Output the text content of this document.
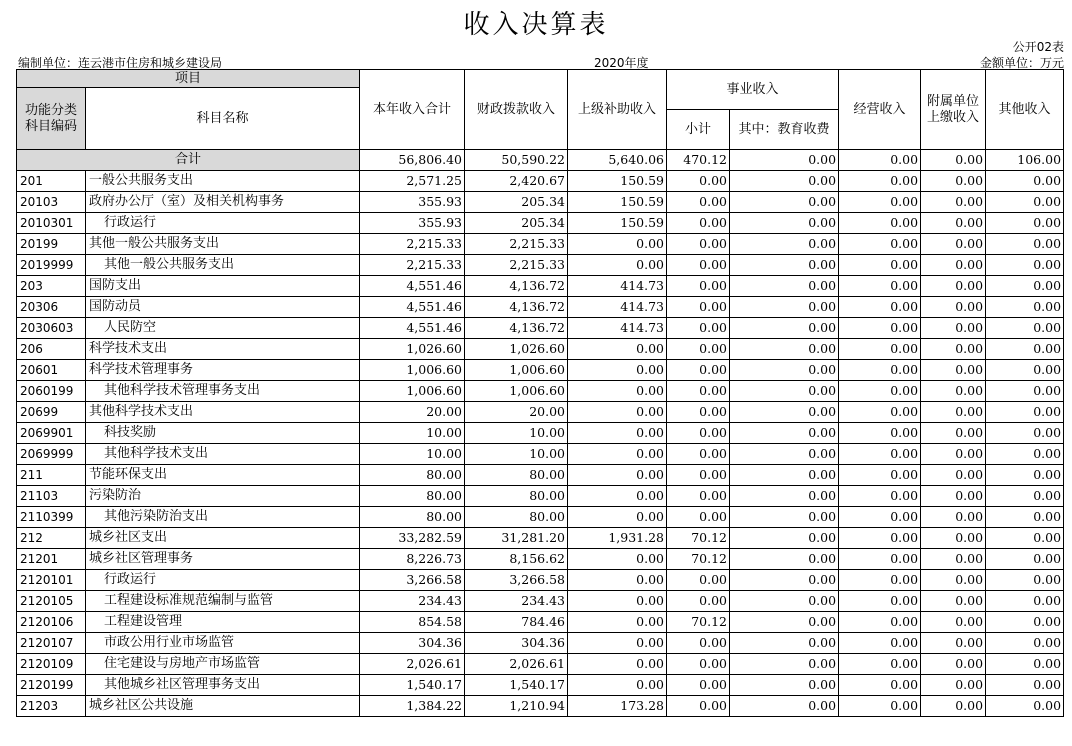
收入决算表
公开02表
编制单位：连云港市住房和城乡建设局	2020年度	金额单位：万元
项目		本年收入合计	财政拨款收入	上级补助收入	事业收入		经营收入	附属单位上缴收入	其他收入
功能分类科目编码	科目名称								
					小计	其中：教育收费			

合计		56,806.40	50,590.22	5,640.06	470.12	0.00	0.00	0.00	106.00
201	一般公共服务支出	2,571.25	2,420.67	150.59	0.00	0.00	0.00	0.00	0.00
20103	政府办公厅（室）及相关机构事务	355.93	205.34	150.59	0.00	0.00	0.00	0.00	0.00
2010301	行政运行	355.93	205.34	150.59	0.00	0.00	0.00	0.00	0.00
20199	其他一般公共服务支出	2,215.33	2,215.33	0.00	0.00	0.00	0.00	0.00	0.00
2019999	其他一般公共服务支出	2,215.33	2,215.33	0.00	0.00	0.00	0.00	0.00	0.00
203	国防支出	4,551.46	4,136.72	414.73	0.00	0.00	0.00	0.00	0.00
20306	国防动员	4,551.46	4,136.72	414.73	0.00	0.00	0.00	0.00	0.00
2030603	人民防空	4,551.46	4,136.72	414.73	0.00	0.00	0.00	0.00	0.00
206	科学技术支出	1,026.60	1,026.60	0.00	0.00	0.00	0.00	0.00	0.00
20601	科学技术管理事务	1,006.60	1,006.60	0.00	0.00	0.00	0.00	0.00	0.00
2060199	其他科学技术管理事务支出	1,006.60	1,006.60	0.00	0.00	0.00	0.00	0.00	0.00
20699	其他科学技术支出	20.00	20.00	0.00	0.00	0.00	0.00	0.00	0.00
2069901	科技奖励	10.00	10.00	0.00	0.00	0.00	0.00	0.00	0.00
2069999	其他科学技术支出	10.00	10.00	0.00	0.00	0.00	0.00	0.00	0.00
211	节能环保支出	80.00	80.00	0.00	0.00	0.00	0.00	0.00	0.00
21103	污染防治	80.00	80.00	0.00	0.00	0.00	0.00	0.00	0.00
2110399	其他污染防治支出	80.00	80.00	0.00	0.00	0.00	0.00	0.00	0.00
212	城乡社区支出	33,282.59	31,281.20	1,931.28	70.12	0.00	0.00	0.00	0.00
21201	城乡社区管理事务	8,226.73	8,156.62	0.00	70.12	0.00	0.00	0.00	0.00
2120101	行政运行	3,266.58	3,266.58	0.00	0.00	0.00	0.00	0.00	0.00
2120105	工程建设标准规范编制与监管	234.43	234.43	0.00	0.00	0.00	0.00	0.00	0.00
2120106	工程建设管理	854.58	784.46	0.00	70.12	0.00	0.00	0.00	0.00
2120107	市政公用行业市场监管	304.36	304.36	0.00	0.00	0.00	0.00	0.00	0.00
2120109	住宅建设与房地产市场监管	2,026.61	2,026.61	0.00	0.00	0.00	0.00	0.00	0.00
2120199	其他城乡社区管理事务支出	1,540.17	1,540.17	0.00	0.00	0.00	0.00	0.00	0.00
21203	城乡社区公共设施	1,384.22	1,210.94	173.28	0.00	0.00	0.00	0.00	0.00
